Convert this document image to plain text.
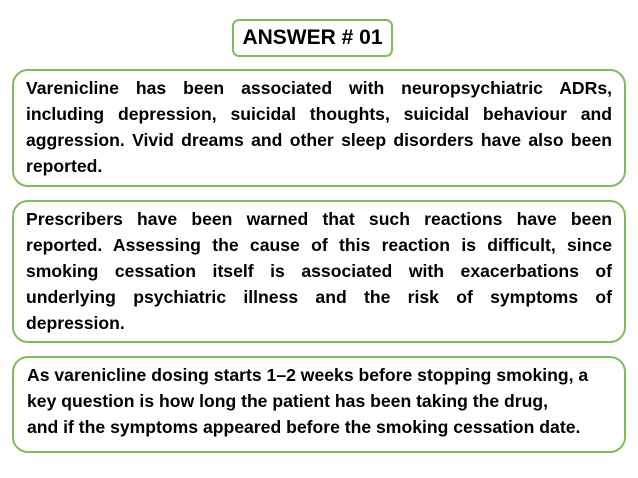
ANSWER # 01
Varenicline has been associated with neuropsychiatric ADRs, including depression, suicidal thoughts, suicidal behaviour and aggression. Vivid dreams and other sleep disorders have also been reported.
Prescribers have been warned that such reactions have been reported. Assessing the cause of this reaction is difficult, since smoking cessation itself is associated with exacerbations of underlying psychiatric illness and the risk of symptoms of depression.
As varenicline dosing starts 1–2 weeks before stopping smoking, a
key question is how long the patient has been taking the drug,
and if the symptoms appeared before the smoking cessation date.
